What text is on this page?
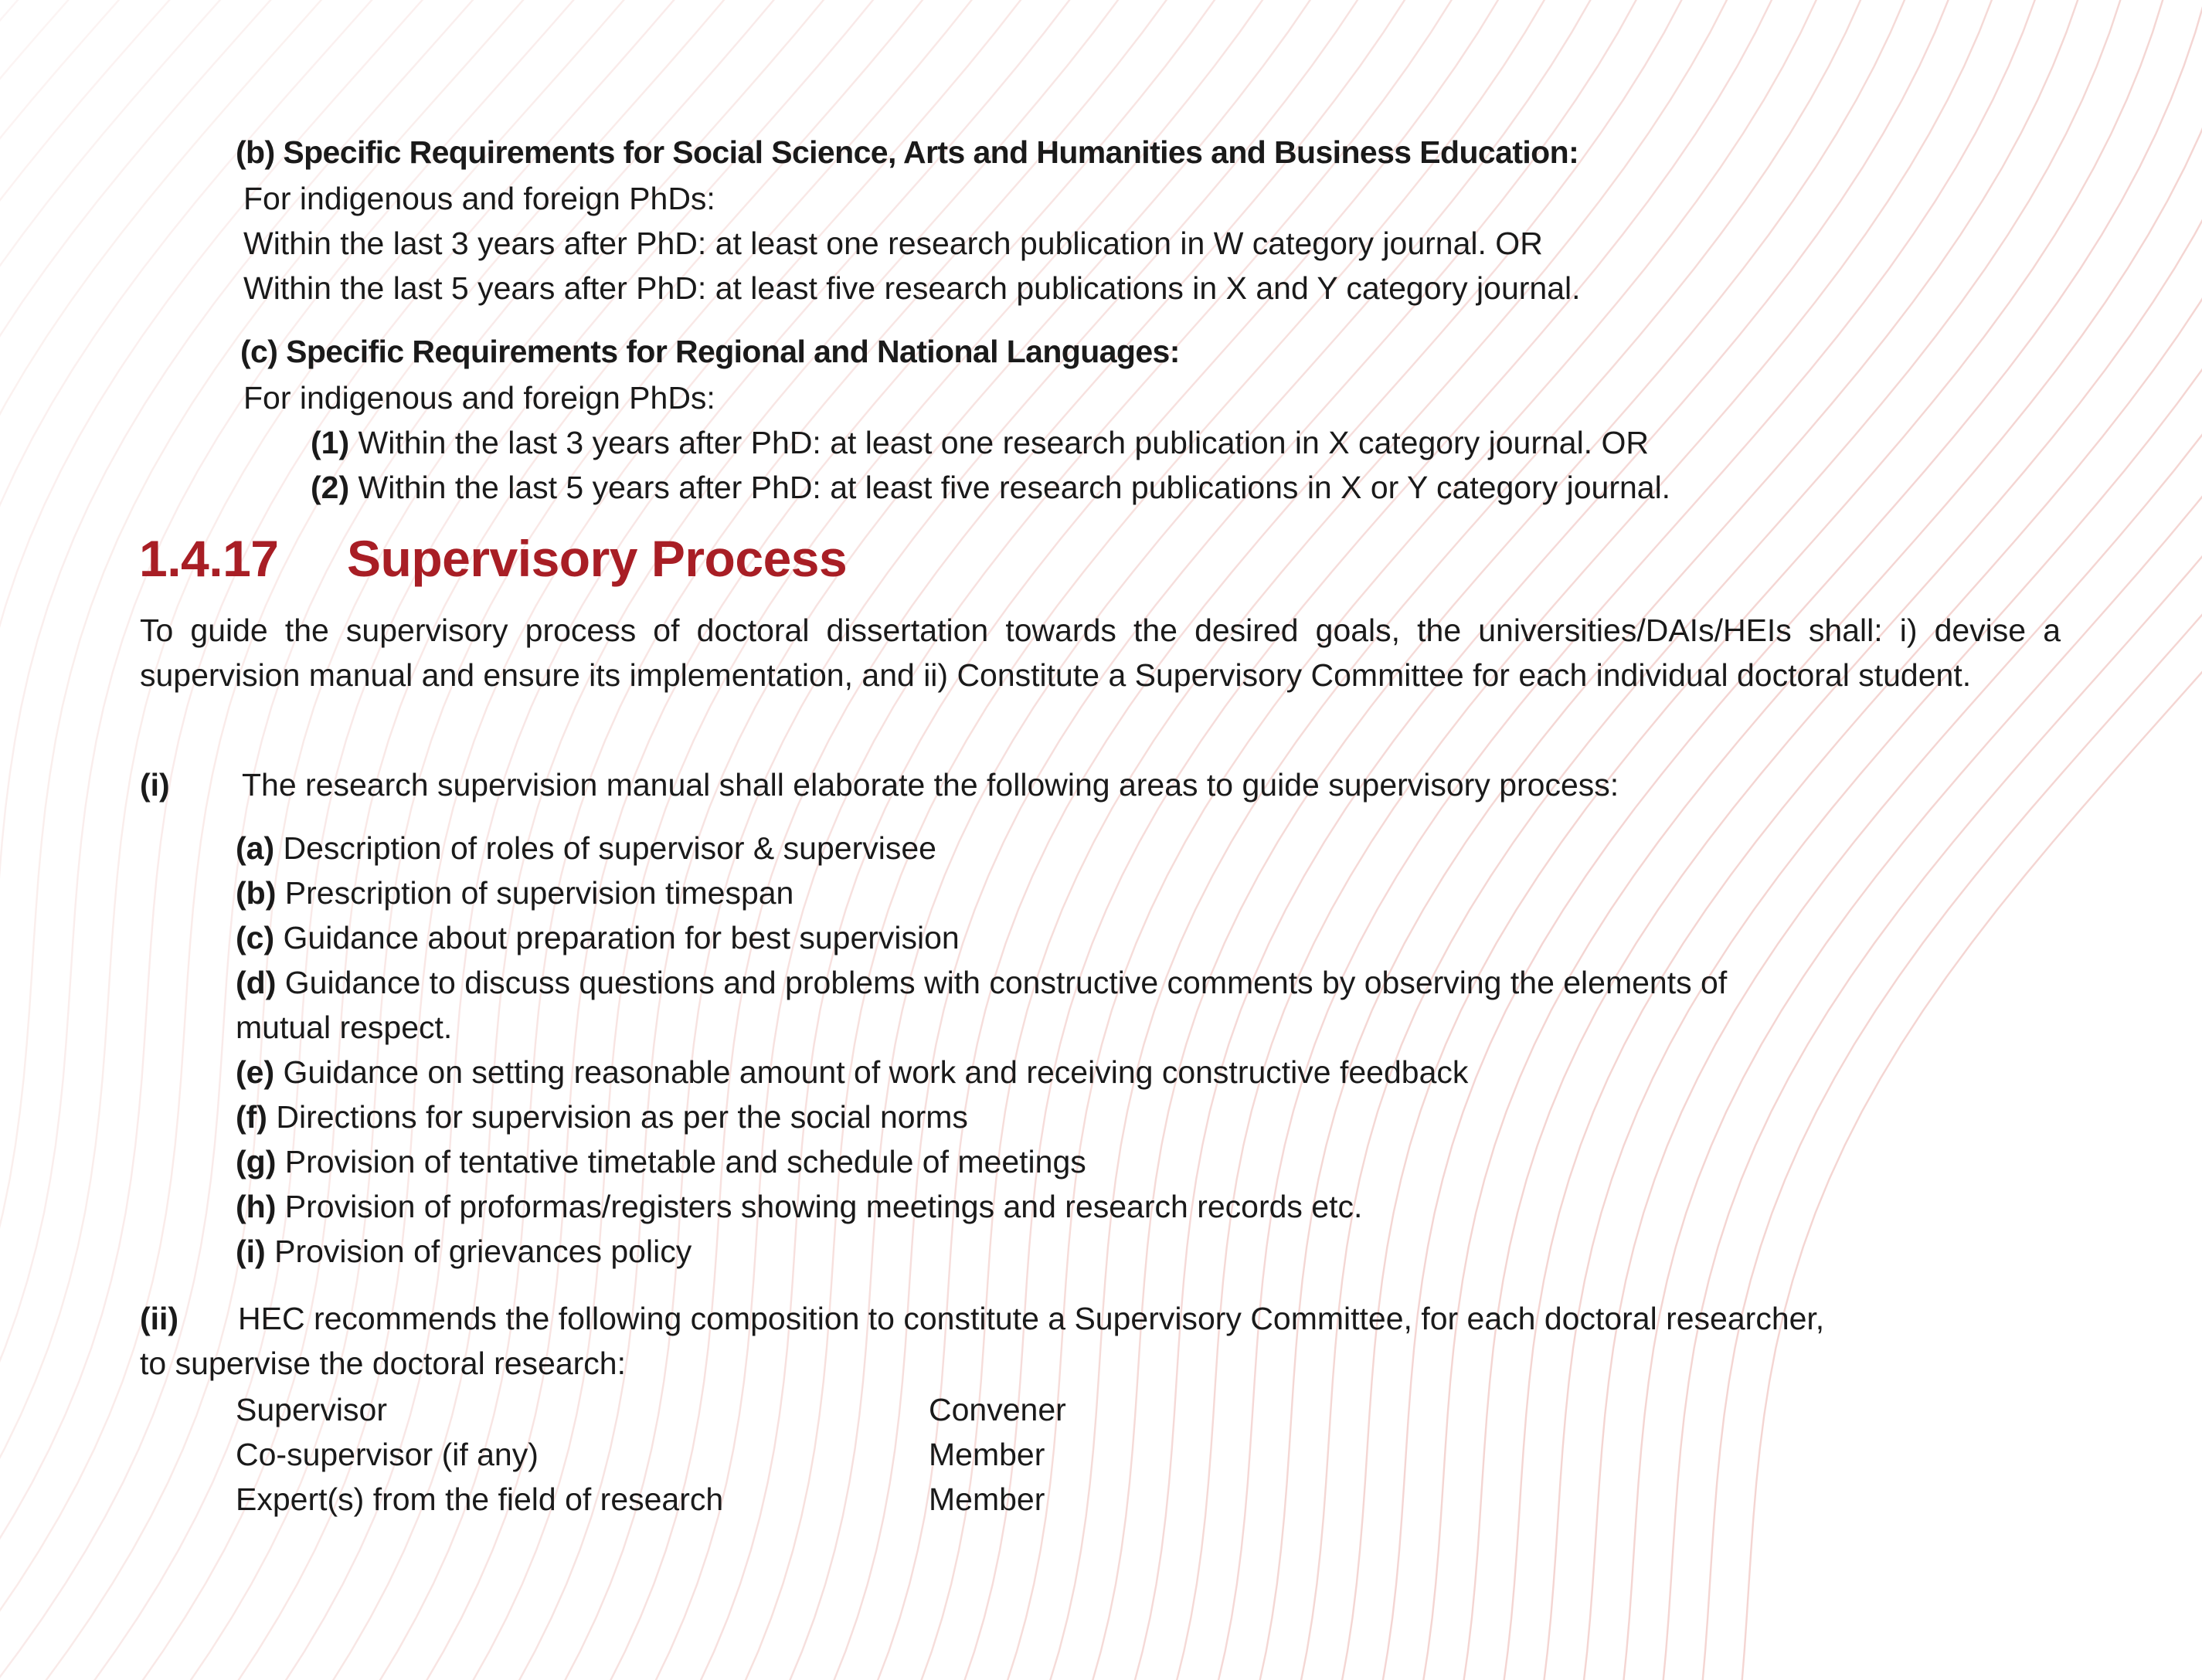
(b) Specific Requirements for Social Science, Arts and Humanities and Business Education:
For indigenous and foreign PhDs:
Within the last 3 years after PhD: at least one research publication in W category journal. OR
Within the last 5 years after PhD: at least five research publications in X and Y category journal.
(c) Specific Requirements for Regional and National Languages:
For indigenous and foreign PhDs:
(1) Within the last 3 years after PhD: at least one research publication in X category journal. OR
(2) Within the last 5 years after PhD: at least five research publications in X or Y category journal.
1.4.17 Supervisory Process
To guide the supervisory process of doctoral dissertation towards the desired goals, the universities/DAIs/HEIs shall: i) devise a supervision manual and ensure its implementation, and ii) Constitute a Supervisory Committee for each individual doctoral student.
(i) The research supervision manual shall elaborate the following areas to guide supervisory process:
(a) Description of roles of supervisor & supervisee
(b) Prescription of supervision timespan
(c) Guidance about preparation for best supervision
(d) Guidance to discuss questions and problems with constructive comments by observing the elements of
mutual respect.
(e) Guidance on setting reasonable amount of work and receiving constructive feedback
(f) Directions for supervision as per the social norms
(g) Provision of tentative timetable and schedule of meetings
(h) Provision of proformas/registers showing meetings and research records etc.
(i) Provision of grievances policy
(ii) HEC recommends the following composition to constitute a Supervisory Committee, for each doctoral researcher,
to supervise the doctoral research:
Supervisor	Convener
Co-supervisor (if any)	Member
Expert(s) from the field of research	Member
